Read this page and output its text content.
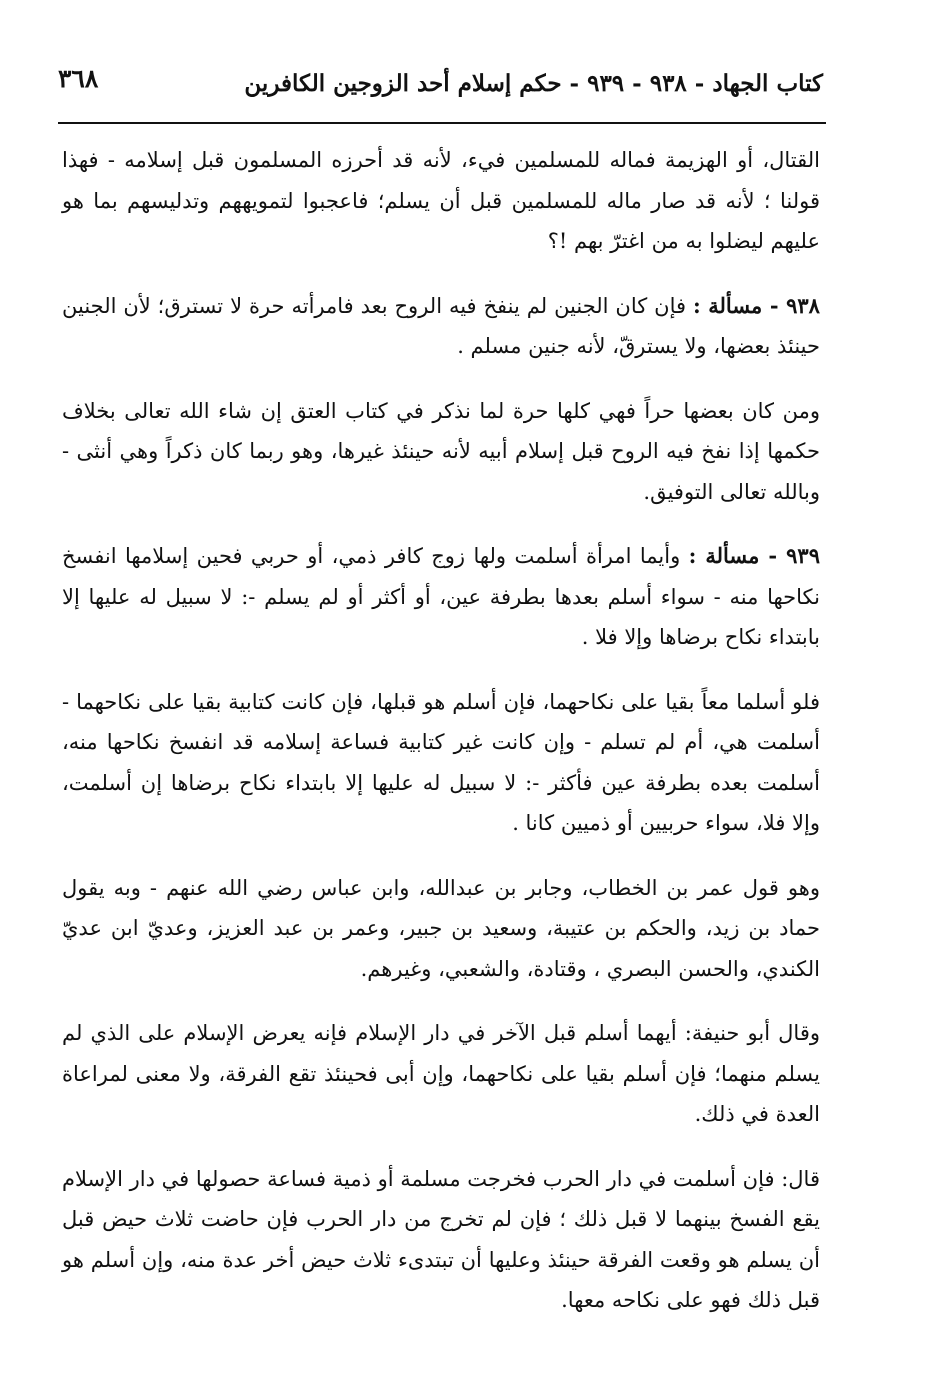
كتاب الجهاد - ٩٣٨ - ٩٣٩ - حكم إسلام أحد الزوجين الكافرين
٣٦٨

القتال، أو الهزيمة فماله للمسلمين فيء، لأنه قد أحرزه المسلمون قبل إسلامه - فهذا قولنا ؛ لأنه قد صار ماله للمسلمين قبل أن يسلم؛ فاعجبوا لتمويههم وتدليسهم بما هو عليهم ليضلوا به من اغترّ بهم !؟

٩٣٨ - مسألة : فإن كان الجنين لم ينفخ فيه الروح بعد فامرأته حرة لا تسترق؛ لأن الجنين حينئذ بعضها، ولا يسترقّ، لأنه جنين مسلم .

ومن كان بعضها حراً فهي كلها حرة لما نذكر في كتاب العتق إن شاء الله تعالى بخلاف حكمها إذا نفخ فيه الروح قبل إسلام أبيه لأنه حينئذ غيرها، وهو ربما كان ذكراً وهي أنثى - وبالله تعالى التوفيق.

٩٣٩ - مسألة : وأيما امرأة أسلمت ولها زوج كافر ذمي، أو حربي فحين إسلامها انفسخ نكاحها منه - سواء أسلم بعدها بطرفة عين، أو أكثر أو لم يسلم -: لا سبيل له عليها إلا بابتداء نكاح برضاها وإلا فلا .

فلو أسلما معاً بقيا على نكاحهما، فإن أسلم هو قبلها، فإن كانت كتابية بقيا على نكاحهما - أسلمت هي، أم لم تسلم - وإن كانت غير كتابية فساعة إسلامه قد انفسخ نكاحها منه، أسلمت بعده بطرفة عين فأكثر -: لا سبيل له عليها إلا بابتداء نكاح برضاها إن أسلمت، وإلا فلا، سواء حربيين أو ذميين كانا .

وهو قول عمر بن الخطاب، وجابر بن عبدالله، وابن عباس رضي الله عنهم - وبه يقول حماد بن زيد، والحكم بن عتيبة، وسعيد بن جبير، وعمر بن عبد العزيز، وعديّ ابن عديّ الكندي، والحسن البصري ، وقتادة، والشعبي، وغيرهم.

وقال أبو حنيفة: أيهما أسلم قبل الآخر في دار الإسلام فإنه يعرض الإسلام على الذي لم يسلم منهما؛ فإن أسلم بقيا على نكاحهما، وإن أبى فحينئذ تقع الفرقة، ولا معنى لمراعاة العدة في ذلك.

قال: فإن أسلمت في دار الحرب فخرجت مسلمة أو ذمية فساعة حصولها في دار الإسلام يقع الفسخ بينهما لا قبل ذلك ؛ فإن لم تخرج من دار الحرب فإن حاضت ثلاث حيض قبل أن يسلم هو وقعت الفرقة حينئذ وعليها أن تبتدىء ثلاث حيض أخر عدة منه، وإن أسلم هو قبل ذلك فهو على نكاحه معها.
